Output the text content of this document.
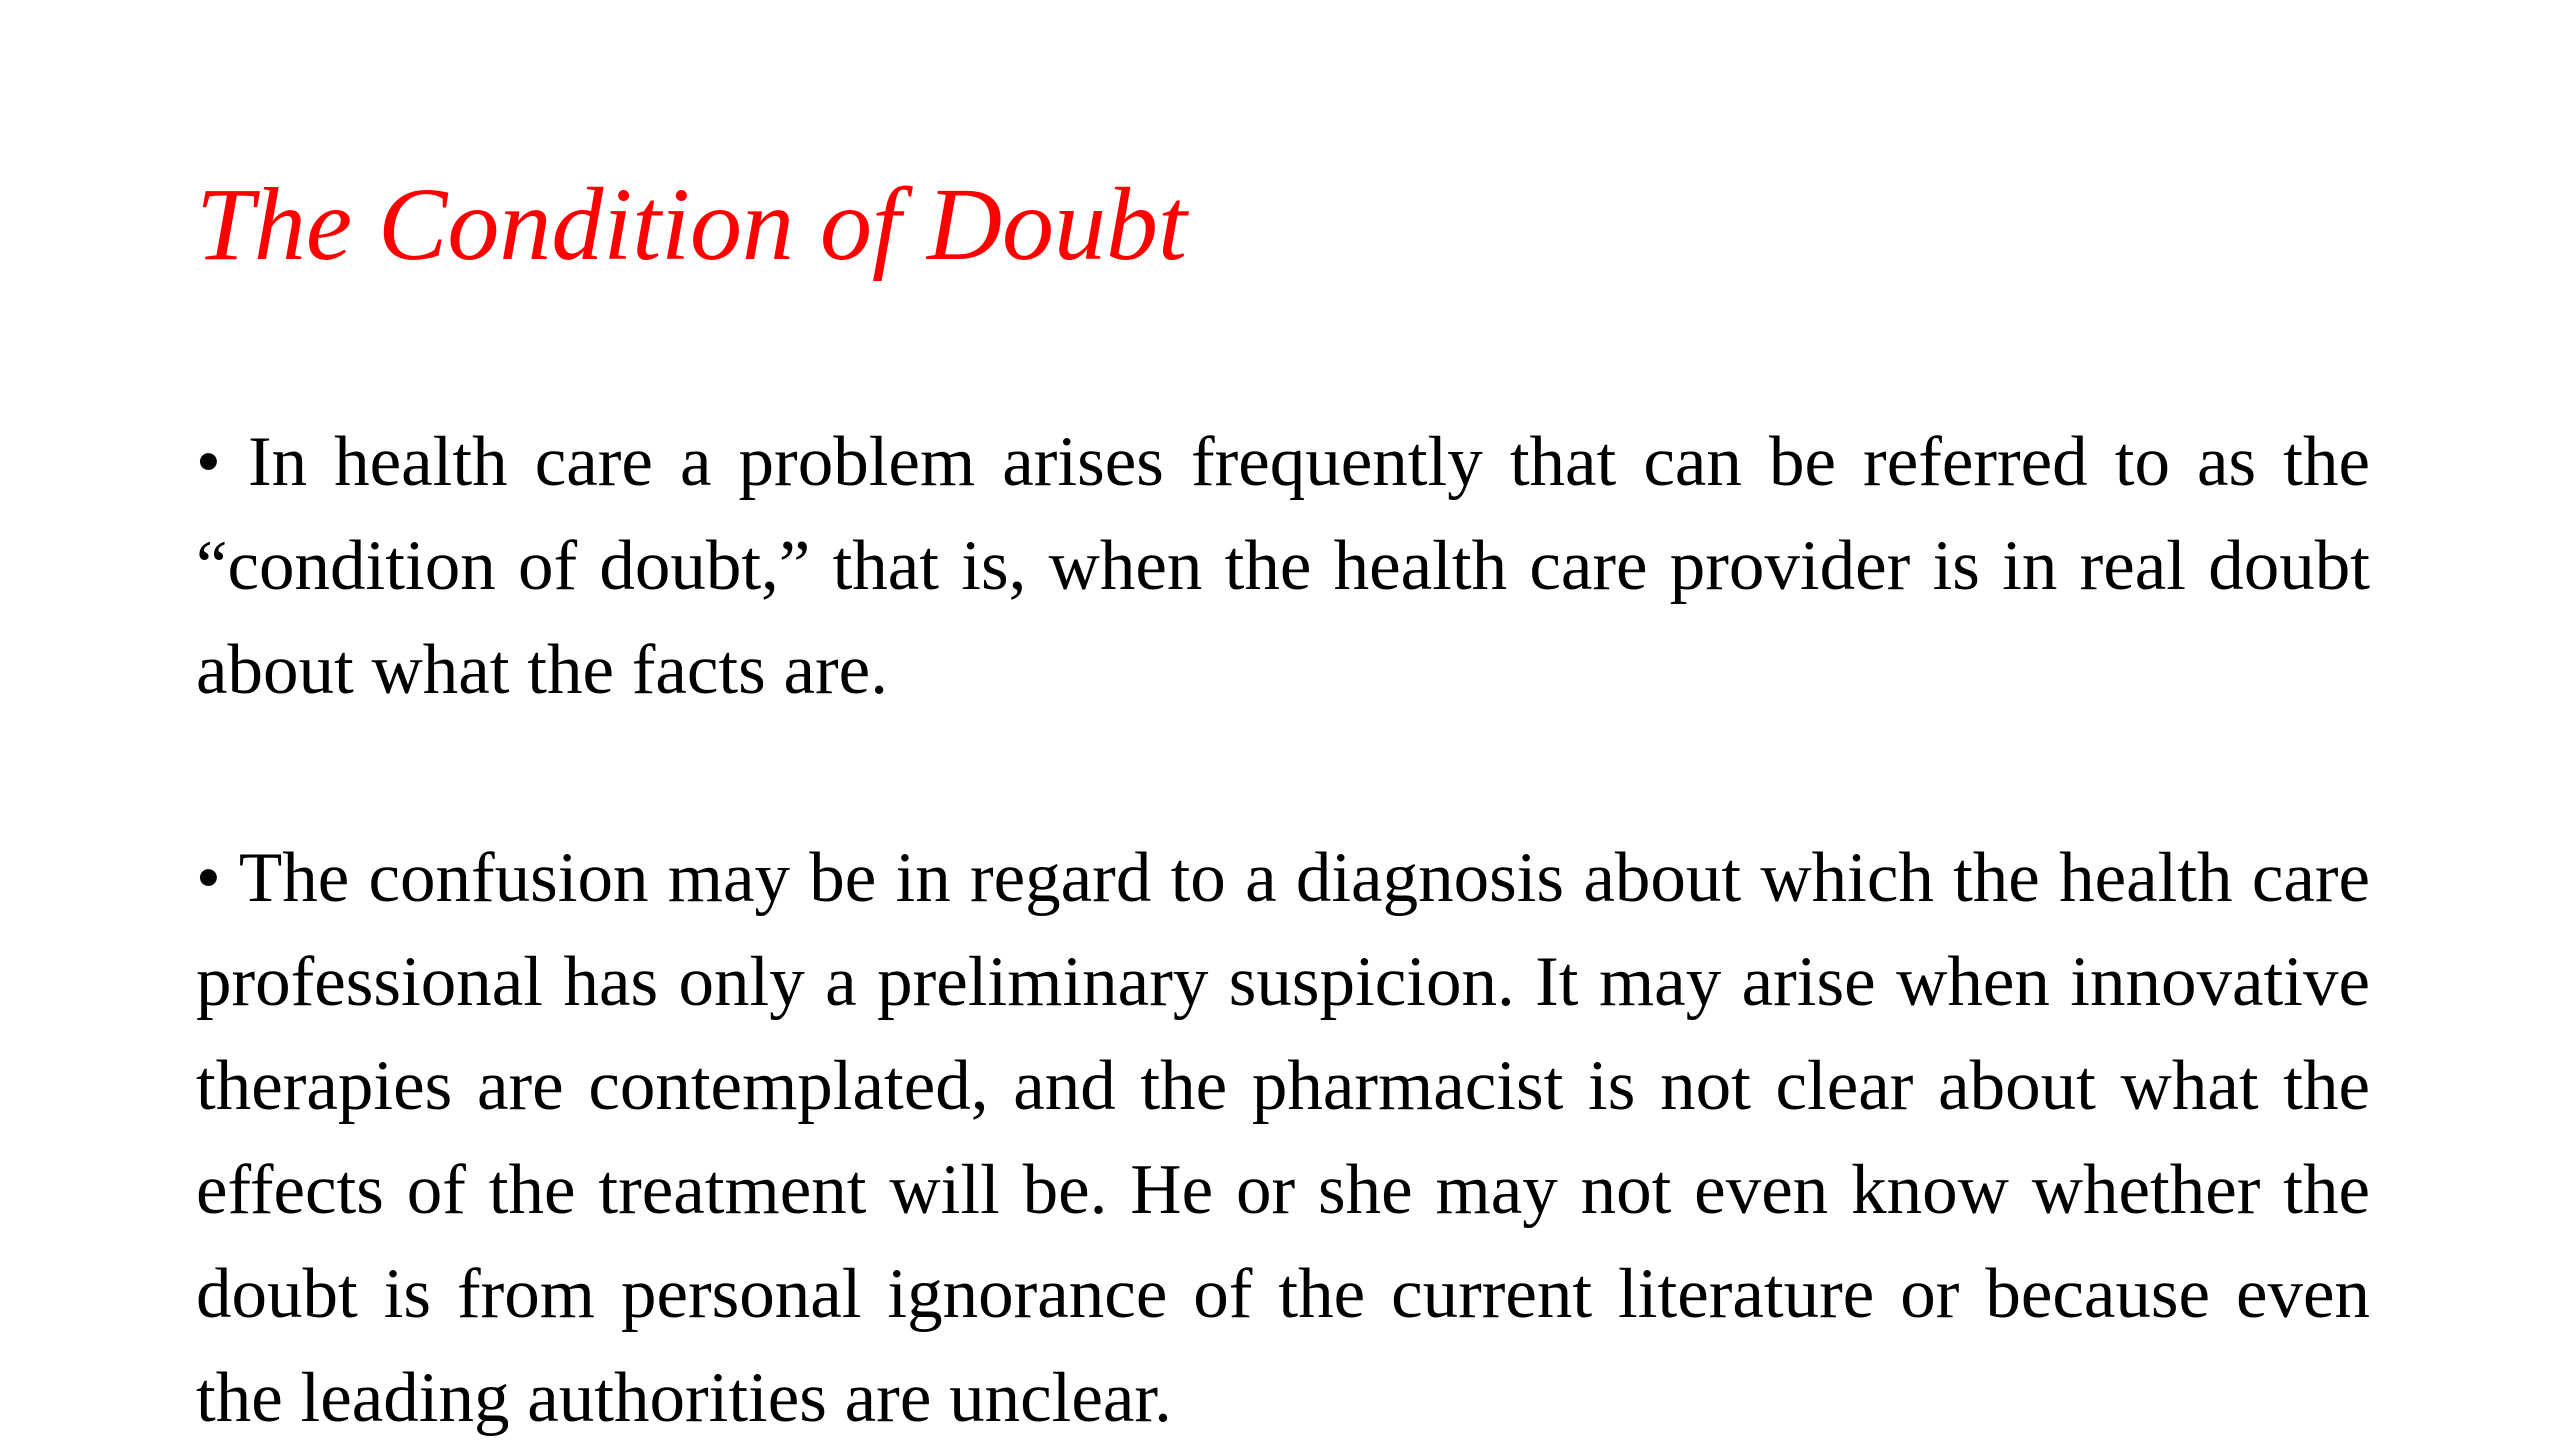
The Condition of Doubt

• In health care a problem arises frequently that can be referred to as the “condition of doubt,” that is, when the health care provider is in real doubt about what the facts are.

• The confusion may be in regard to a diagnosis about which the health care professional has only a preliminary suspicion. It may arise when innovative therapies are contemplated, and the pharmacist is not clear about what the effects of the treatment will be. He or she may not even know whether the doubt is from personal ignorance of the current literature or because even the leading authorities are unclear.
